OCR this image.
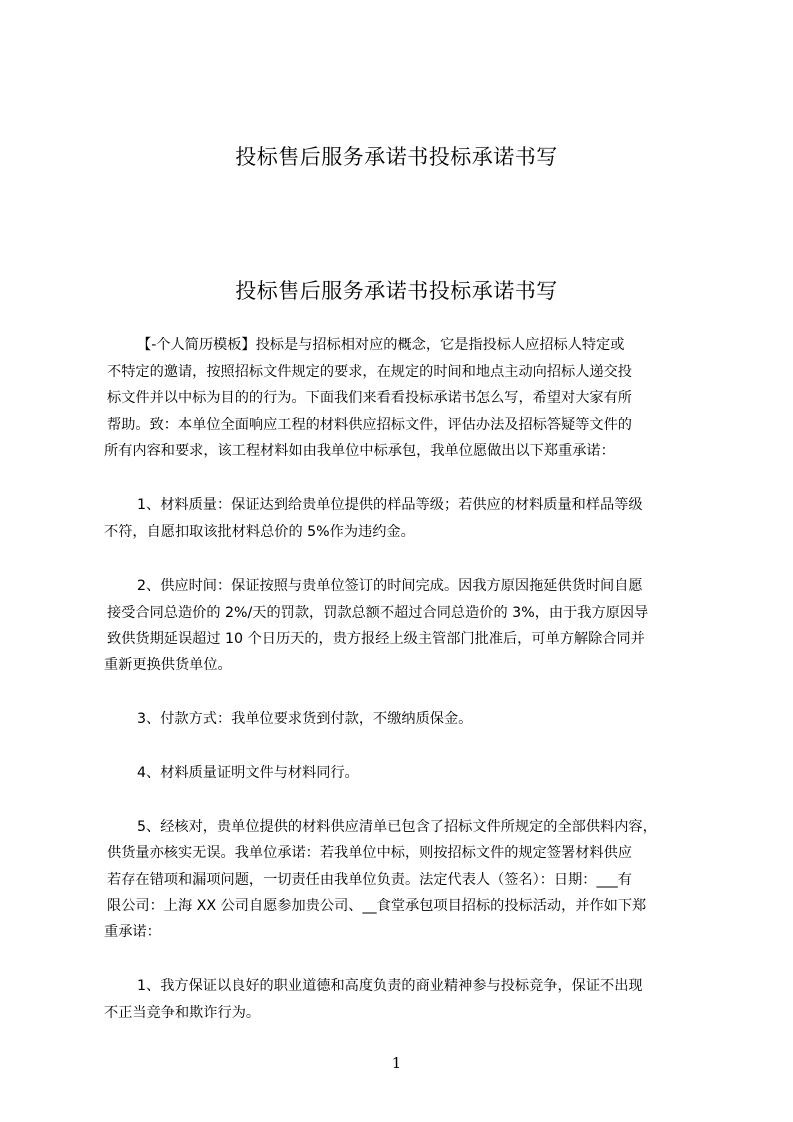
投标售后服务承诺书投标承诺书写
投标售后服务承诺书投标承诺书写
【-个人简历模板】投标是与招标相对应的概念，它是指投标人应招标人特定或
不特定的邀请，按照招标文件规定的要求，在规定的时间和地点主动向招标人递交投
标文件并以中标为目的的行为。下面我们来看看投标承诺书怎么写，希望对大家有所
帮助。致：本单位全面响应工程的材料供应招标文件，评估办法及招标答疑等文件的
所有内容和要求，该工程材料如由我单位中标承包，我单位愿做出以下郑重承诺：
1、材料质量：保证达到给贵单位提供的样品等级；若供应的材料质量和样品等级
不符，自愿扣取该批材料总价的 5%作为违约金。
2、供应时间：保证按照与贵单位签订的时间完成。因我方原因拖延供货时间自愿
接受合同总造价的 2%/天的罚款，罚款总额不超过合同总造价的 3%，由于我方原因导
致供货期延误超过 10 个日历天的，贵方报经上级主管部门批准后，可单方解除合同并
重新更换供货单位。
3、付款方式：我单位要求货到付款，不缴纳质保金。
4、材料质量证明文件与材料同行。
5、经核对，贵单位提供的材料供应清单已包含了招标文件所规定的全部供料内容，
供货量亦核实无误。我单位承诺：若我单位中标，则按招标文件的规定签署材料供应
若存在错项和漏项问题，一切责任由我单位负责。法定代表人（签名）：日期：___有
限公司：上海 XX 公司自愿参加贵公司、__食堂承包项目招标的投标活动，并作如下郑
重承诺：
1、我方保证以良好的职业道德和高度负责的商业精神参与投标竞争，保证不出现
不正当竞争和欺诈行为。
1
